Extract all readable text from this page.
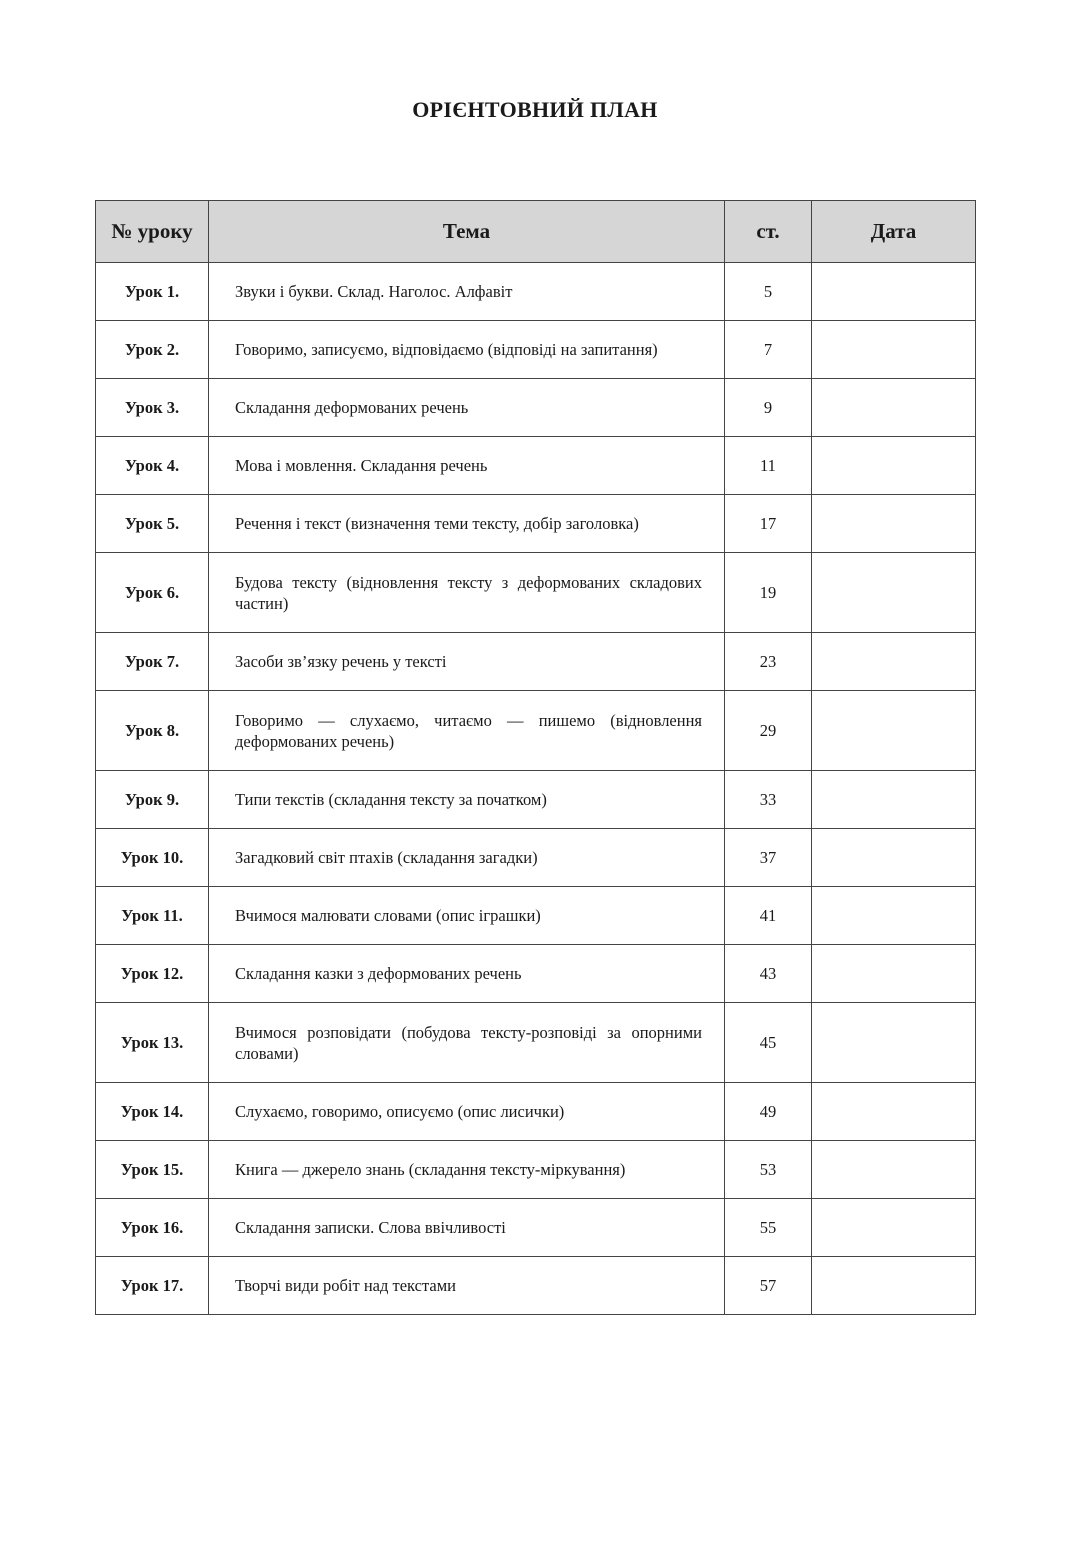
ОРІЄНТОВНИЙ ПЛАН
№ уроку	Тема	ст.	Дата
Урок 1.	Звуки і букви. Склад. Наголос. Алфавіт	5	
Урок 2.	Говоримо, записуємо, відповідаємо (відповіді на запитання)	7	
Урок 3.	Складання деформованих речень	9	
Урок 4.	Мова і мовлення. Складання речень	11	
Урок 5.	Речення і текст (визначення теми тексту, добір заголовка)	17	
Урок 6.	Будова тексту (відновлення тексту з деформованих складових частин)	19	
Урок 7.	Засоби зв’язку речень у тексті	23	
Урок 8.	Говоримо — слухаємо, читаємо — пишемо (відновлення деформованих речень)	29	
Урок 9.	Типи текстів (складання тексту за початком)	33	
Урок 10.	Загадковий світ птахів (складання загадки)	37	
Урок 11.	Вчимося малювати словами (опис іграшки)	41	
Урок 12.	Складання казки з деформованих речень	43	
Урок 13.	Вчимося розповідати (побудова тексту-розповіді за опорними словами)	45	
Урок 14.	Слухаємо, говоримо, описуємо (опис лисички)	49	
Урок 15.	Книга — джерело знань (складання тексту-міркування)	53	
Урок 16.	Складання записки. Слова ввічливості	55	
Урок 17.	Творчі види робіт над текстами	57	
